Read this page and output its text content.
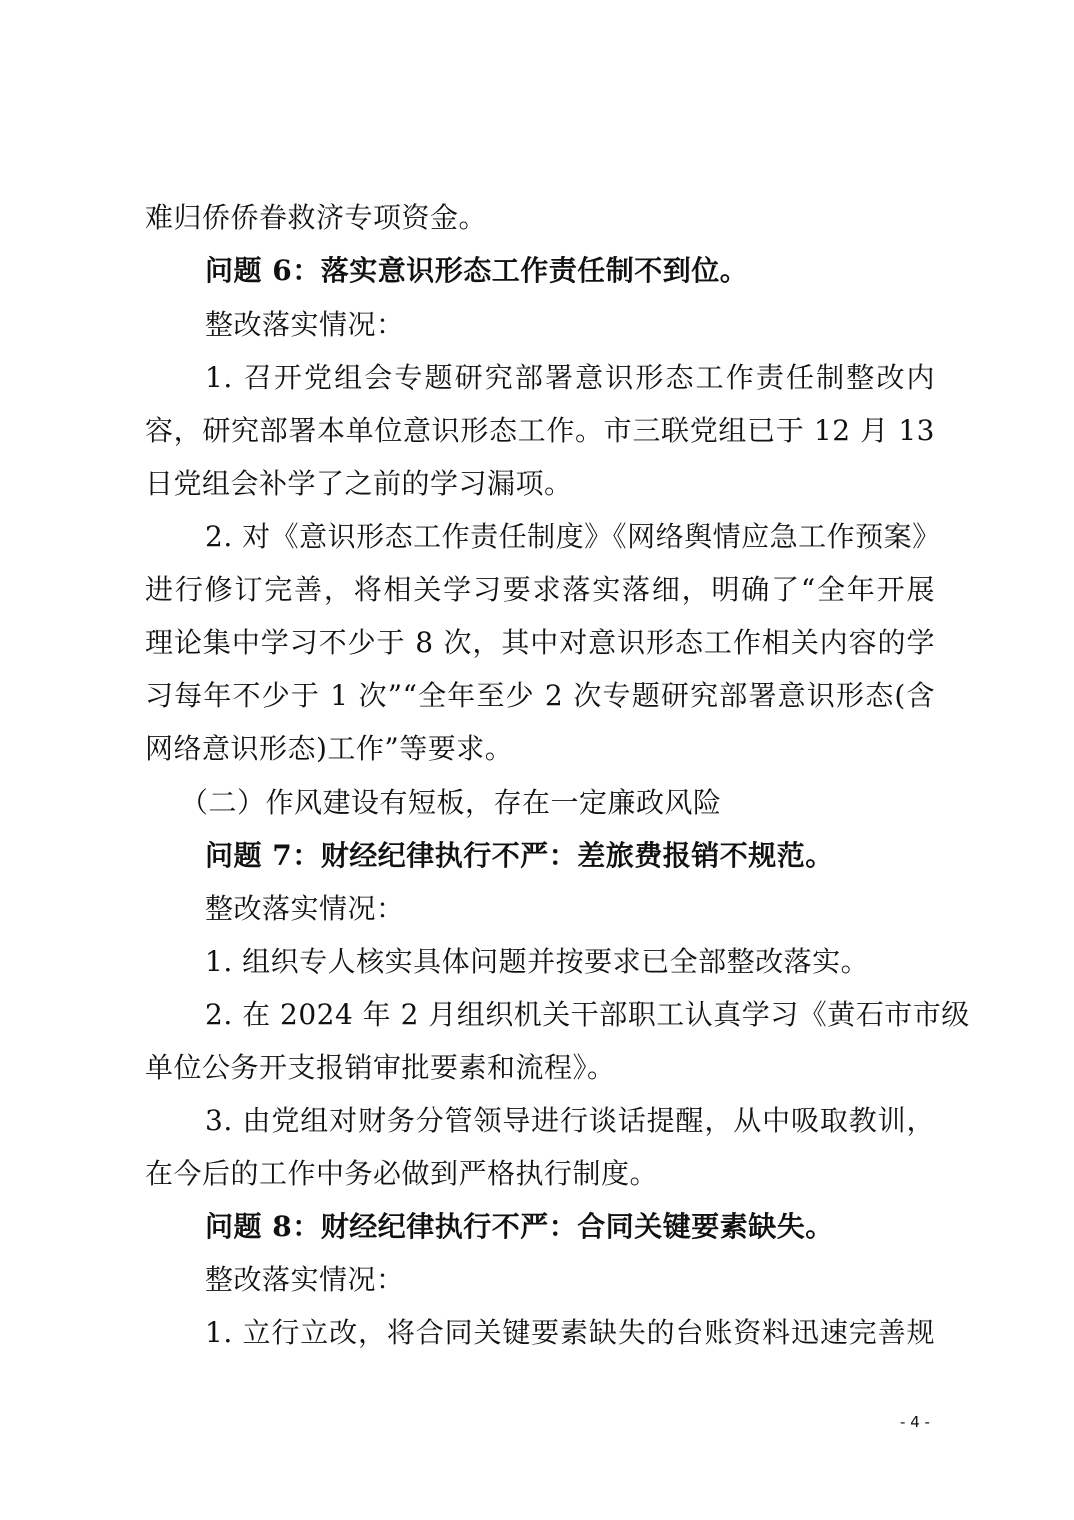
难归侨侨眷救济专项资金。
问题 6：落实意识形态工作责任制不到位。
整改落实情况：
1. 召开党组会专题研究部署意识形态工作责任制整改内
容，研究部署本单位意识形态工作。市三联党组已于 12 月 13
日党组会补学了之前的学习漏项。
2. 对《意识形态工作责任制度》《网络舆情应急工作预案》
进行修订完善，将相关学习要求落实落细，明确了“全年开展
理论集中学习不少于 8 次，其中对意识形态工作相关内容的学
习每年不少于 1 次”“全年至少 2 次专题研究部署意识形态(含
网络意识形态)工作”等要求。
（二）作风建设有短板，存在一定廉政风险
问题 7：财经纪律执行不严：差旅费报销不规范。
整改落实情况：
1. 组织专人核实具体问题并按要求已全部整改落实。
2. 在 2024 年 2 月组织机关干部职工认真学习《黄石市市级
单位公务开支报销审批要素和流程》。
3. 由党组对财务分管领导进行谈话提醒，从中吸取教训，
在今后的工作中务必做到严格执行制度。
问题 8：财经纪律执行不严：合同关键要素缺失。
整改落实情况：
1. 立行立改，将合同关键要素缺失的台账资料迅速完善规
- 4 -
